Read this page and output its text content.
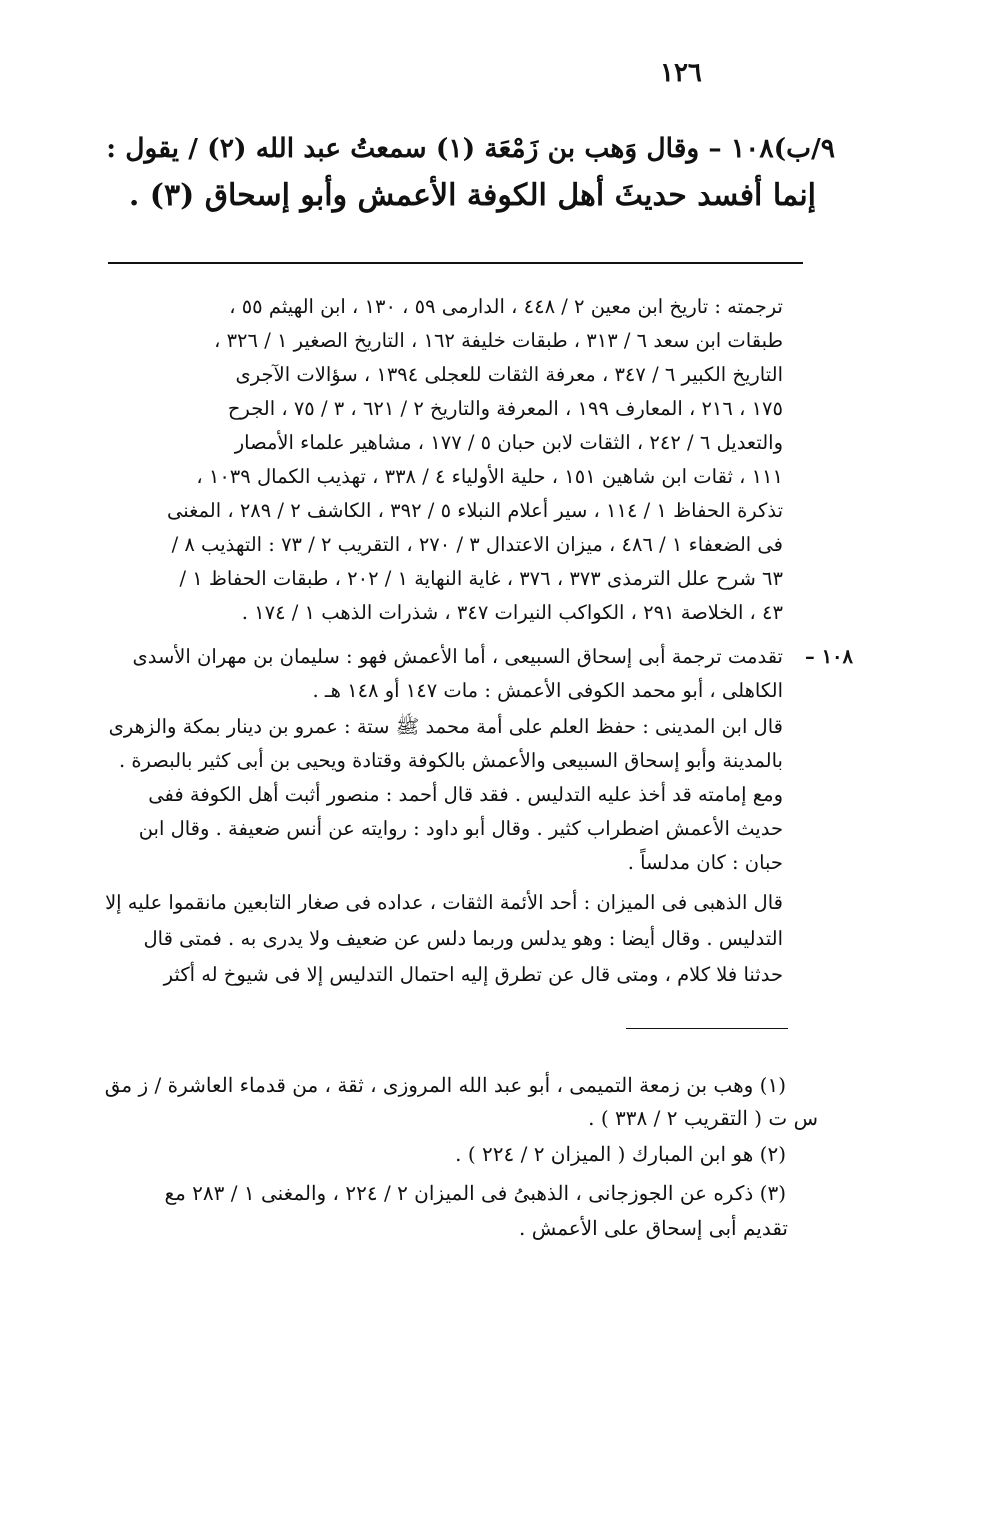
١٢٦
٩/ب)١٠٨ – وقال وَهب بن زَمْعَة (١) سمعتُ عبد الله (٢) / يقول :
إنما أفسد حديثَ أهل الكوفة الأعمش وأبو إسحاق (٣) .
ترجمته : تاريخ ابن معين ٢ / ٤٤٨ ، الدارمى ٥٩ ، ١٣٠ ، ابن الهيثم ٥٥ ،
طبقات ابن سعد ٦ / ٣١٣ ، طبقات خليفة ١٦٢ ، التاريخ الصغير ١ / ٣٢٦ ،
التاريخ الكبير ٦ / ٣٤٧ ، معرفة الثقات للعجلى ١٣٩٤ ، سؤالات الآجرى
١٧٥ ، ٢١٦ ، المعارف ١٩٩ ، المعرفة والتاريخ ٢ / ٦٢١ ، ٣ / ٧٥ ، الجرح
والتعديل ٦ / ٢٤٢ ، الثقات لابن حبان ٥ / ١٧٧ ، مشاهير علماء الأمصار
١١١ ، ثقات ابن شاهين ١٥١ ، حلية الأولياء ٤ / ٣٣٨ ، تهذيب الكمال ١٠٣٩ ،
تذكرة الحفاظ ١ / ١١٤ ، سير أعلام النبلاء ٥ / ٣٩٢ ، الكاشف ٢ / ٢٨٩ ، المغنى
فى الضعفاء ١ / ٤٨٦ ، ميزان الاعتدال ٣ / ٢٧٠ ، التقريب ٢ / ٧٣ : التهذيب ٨ /
٦٣ شرح علل الترمذى ٣٧٣ ، ٣٧٦ ، غاية النهاية ١ / ٢٠٢ ، طبقات الحفاظ ١ /
٤٣ ، الخلاصة ٢٩١ ، الكواكب النيرات ٣٤٧ ، شذرات الذهب ١ / ١٧٤ .
١٠٨ –
تقدمت ترجمة أبى إسحاق السبيعى ، أما الأعمش فهو : سليمان بن مهران الأسدى
الكاهلى ، أبو محمد الكوفى الأعمش : مات ١٤٧ أو ١٤٨ هـ .
قال ابن المدينى : حفظ العلم على أمة محمد ﷺ ستة : عمرو بن دينار بمكة والزهرى
بالمدينة وأبو إسحاق السبيعى والأعمش بالكوفة وقتادة ويحيى بن أبى كثير بالبصرة .
ومع إمامته قد أخذ عليه التدليس . فقد قال أحمد : منصور أثبت أهل الكوفة ففى
حديث الأعمش اضطراب كثير . وقال أبو داود : روايته عن أنس ضعيفة . وقال ابن
حبان : كان مدلساً .
قال الذهبى فى الميزان : أحد الأئمة الثقات ، عداده فى صغار التابعين مانقموا عليه إلا
التدليس . وقال أيضا : وهو يدلس وربما دلس عن ضعيف ولا يدرى به . فمتى قال
حدثنا فلا كلام ، ومتى قال عن تطرق إليه احتمال التدليس إلا فى شيوخ له أكثر
(١) وهب بن زمعة التميمى ، أبو عبد الله المروزى ، ثقة ، من قدماء العاشرة / ز مق
س ت ( التقريب ٢ / ٣٣٨ ) .
(٢) هو ابن المبارك ( الميزان ٢ / ٢٢٤ ) .
(٣) ذكره عن الجوزجانى ، الذهبىُ فى الميزان ٢ / ٢٢٤ ، والمغنى ١ / ٢٨٣ مع
تقديم أبى إسحاق على الأعمش .
